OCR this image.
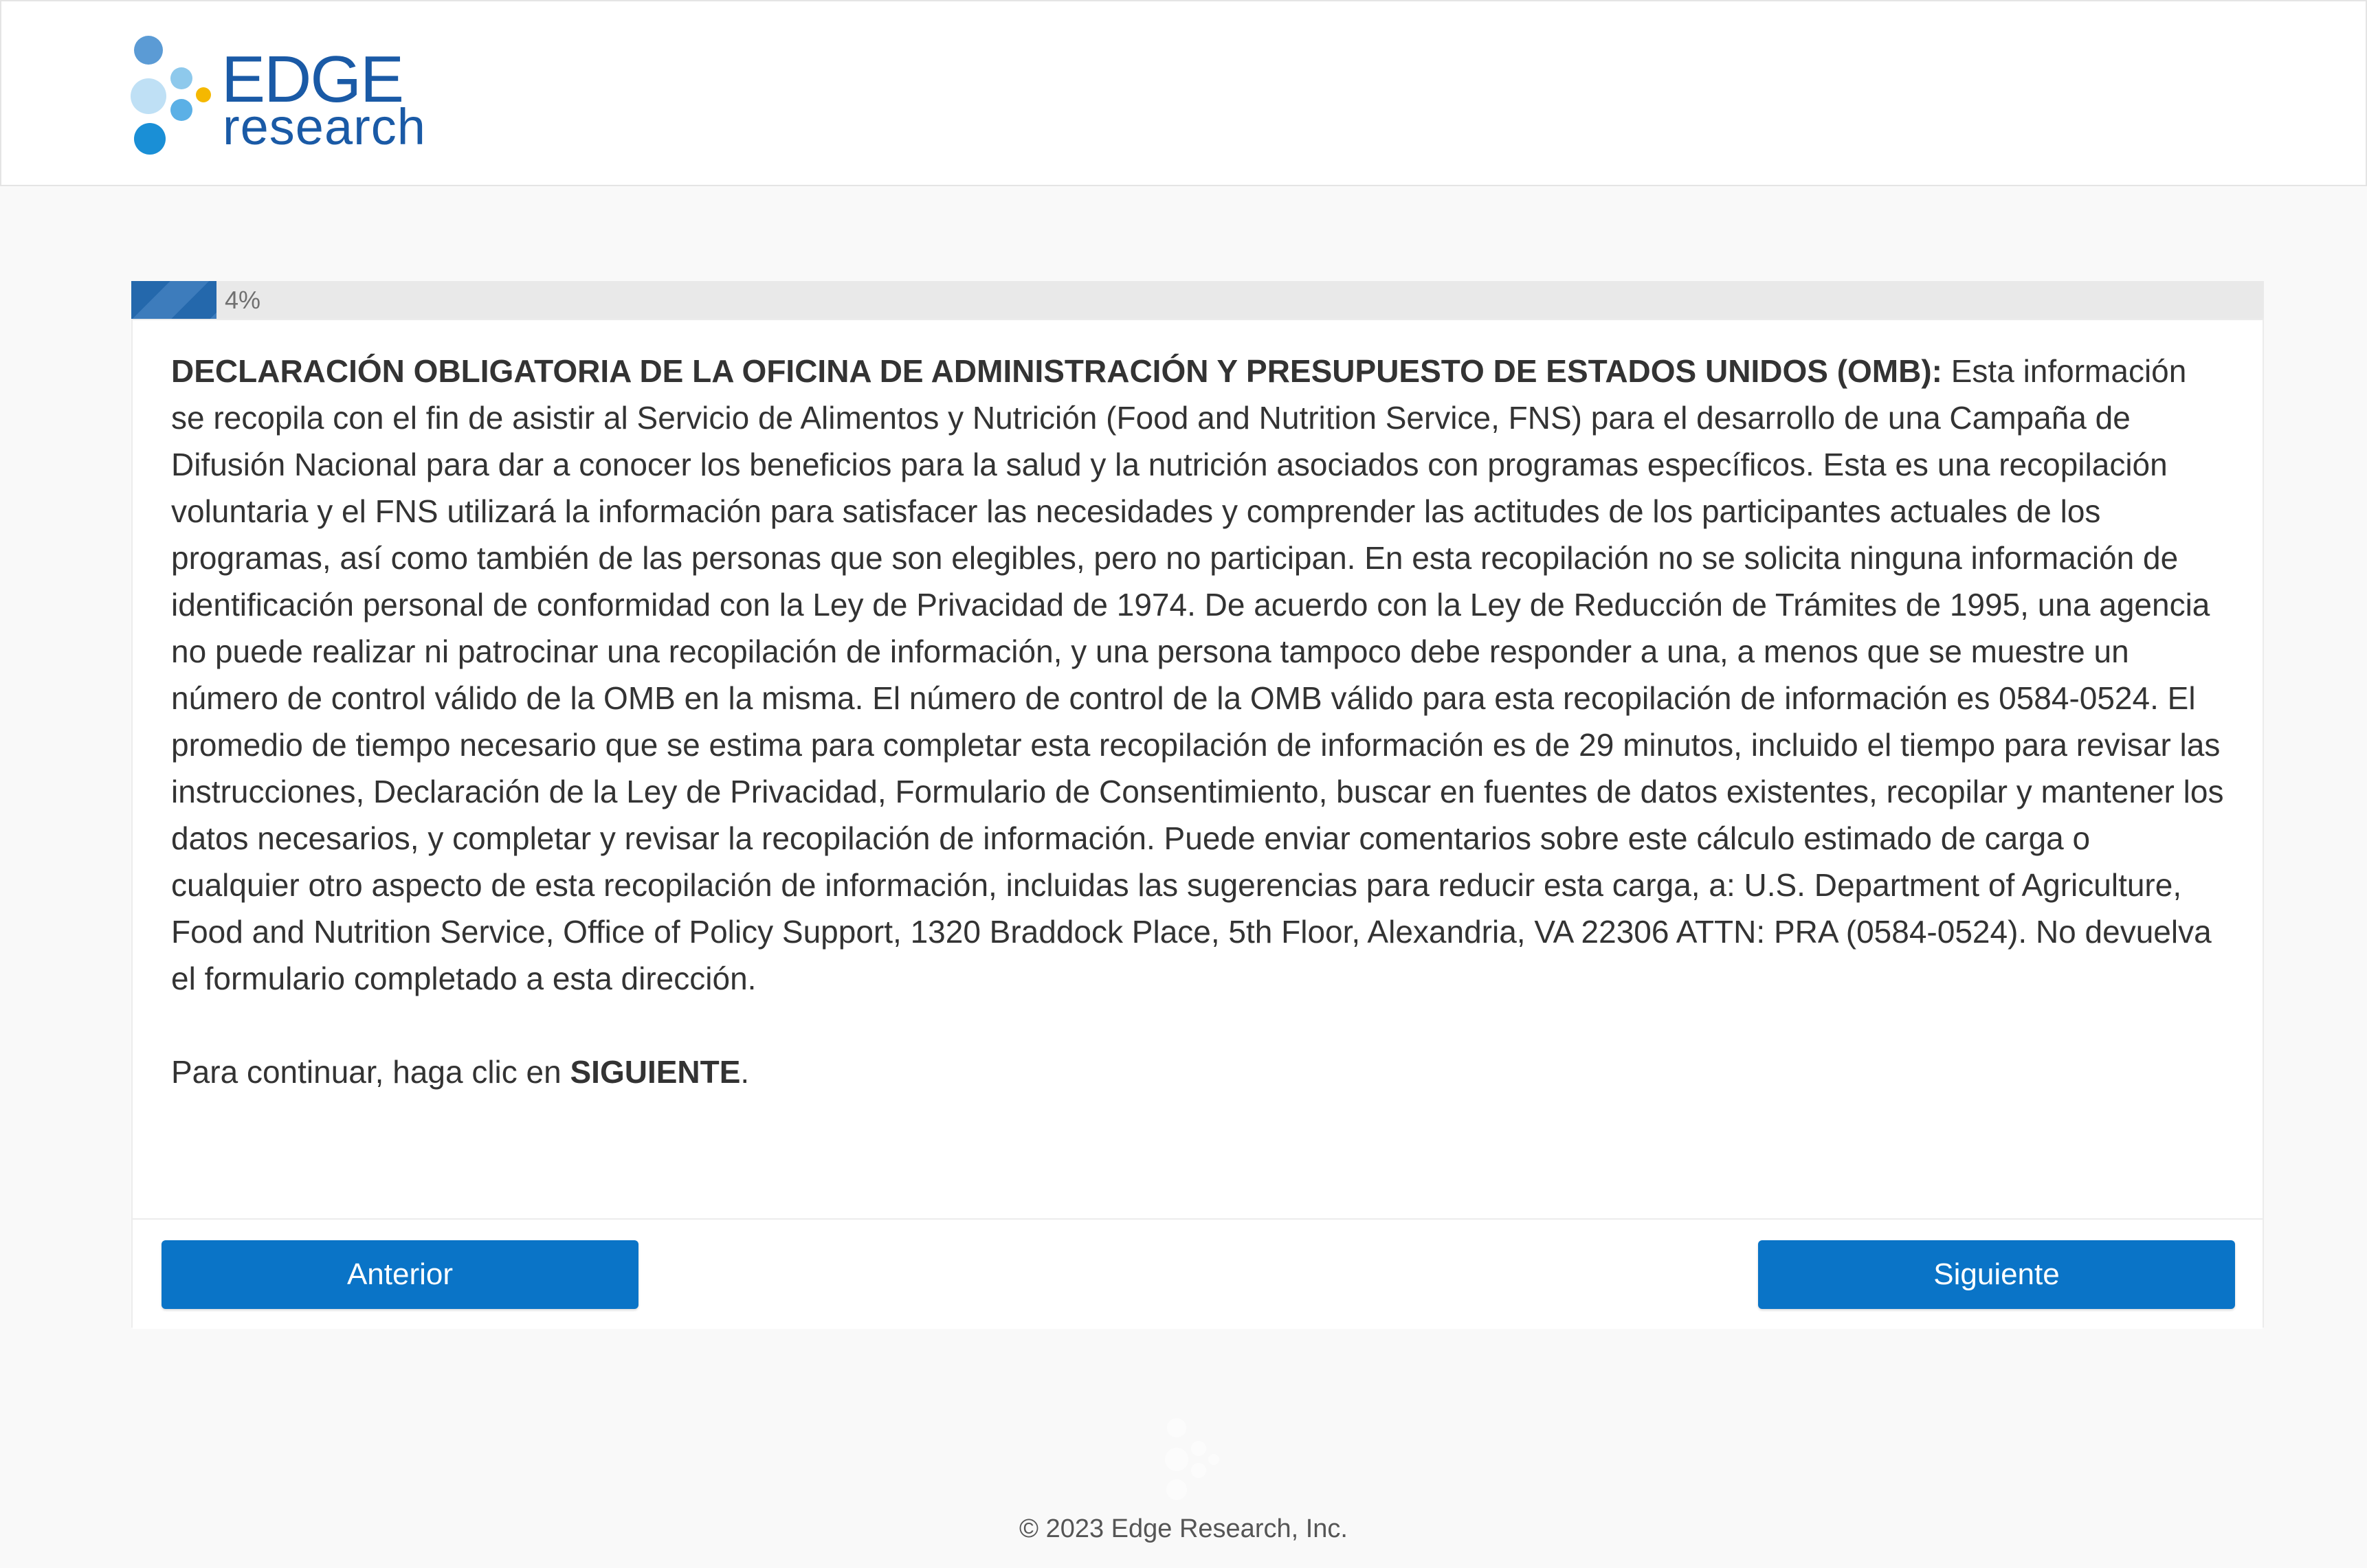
EDGE
research
4%

DECLARACIÓN OBLIGATORIA DE LA OFICINA DE ADMINISTRACIÓN Y PRESUPUESTO DE ESTADOS UNIDOS (OMB): Esta información se recopila con el fin de asistir al Servicio de Alimentos y Nutrición (Food and Nutrition Service, FNS) para el desarrollo de una Campaña de Difusión Nacional para dar a conocer los beneficios para la salud y la nutrición asociados con programas específicos. Esta es una recopilación voluntaria y el FNS utilizará la información para satisfacer las necesidades y comprender las actitudes de los participantes actuales de los programas, así como también de las personas que son elegibles, pero no participan. En esta recopilación no se solicita ninguna información de identificación personal de conformidad con la Ley de Privacidad de 1974. De acuerdo con la Ley de Reducción de Trámites de 1995, una agencia no puede realizar ni patrocinar una recopilación de información, y una persona tampoco debe responder a una, a menos que se muestre un número de control válido de la OMB en la misma. El número de control de la OMB válido para esta recopilación de información es 0584-0524. El promedio de tiempo necesario que se estima para completar esta recopilación de información es de 29 minutos, incluido el tiempo para revisar las instrucciones, Declaración de la Ley de Privacidad, Formulario de Consentimiento, buscar en fuentes de datos existentes, recopilar y mantener los datos necesarios, y completar y revisar la recopilación de información. Puede enviar comentarios sobre este cálculo estimado de carga o cualquier otro aspecto de esta recopilación de información, incluidas las sugerencias para reducir esta carga, a: U.S. Department of Agriculture, Food and Nutrition Service, Office of Policy Support, 1320 Braddock Place, 5th Floor, Alexandria, VA 22306 ATTN: PRA (0584-0524). No devuelva el formulario completado a esta dirección.

Para continuar, haga clic en SIGUIENTE.

Anterior	Siguiente
© 2023 Edge Research, Inc.
